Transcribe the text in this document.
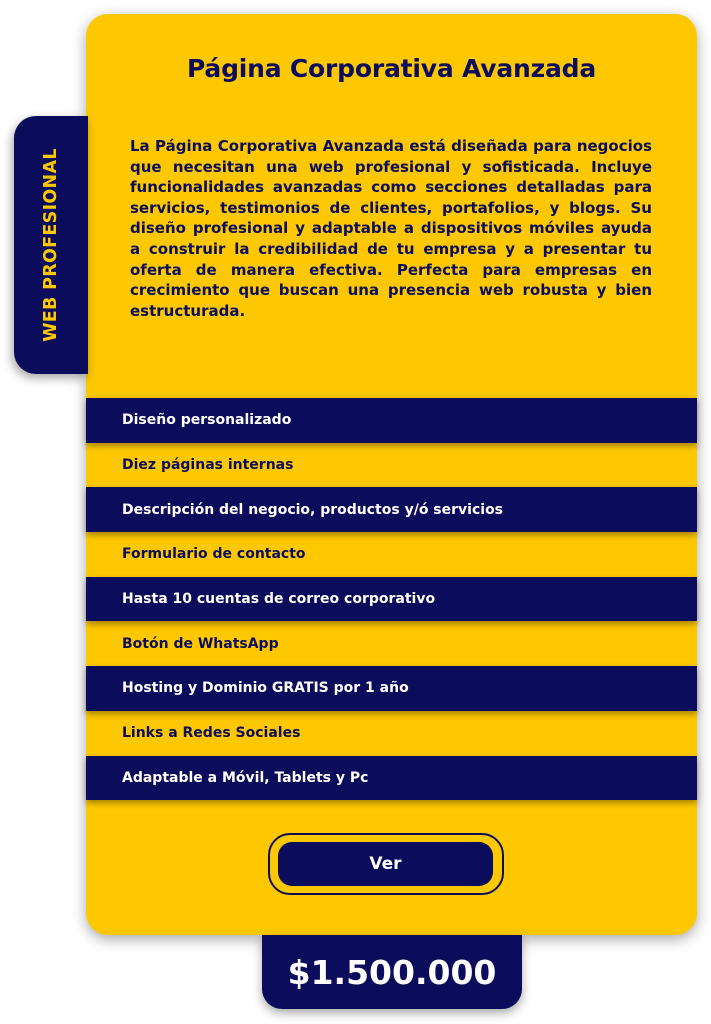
Página Corporativa Avanzada

La Página Corporativa Avanzada está diseñada para negocios que necesitan una web profesional y sofisticada. Incluye funcionalidades avanzadas como secciones detalladas para servicios, testimonios de clientes, portafolios, y blogs. Su diseño profesional y adaptable a dispositivos móviles ayuda a construir la credibilidad de tu empresa y a presentar tu oferta de manera efectiva. Perfecta para empresas en crecimiento que buscan una presencia web robusta y bien estructurada.

Ver
WEB PROFESIONAL
Diseño personalizado
Diez páginas internas
Descripción del negocio, productos y/ó servicios
Formulario de contacto
Hasta 10 cuentas de correo corporativo
Botón de WhatsApp
Hosting y Dominio GRATIS por 1 año
Links a Redes Sociales
Adaptable a Móvil, Tablets y Pc
$1.500.000
